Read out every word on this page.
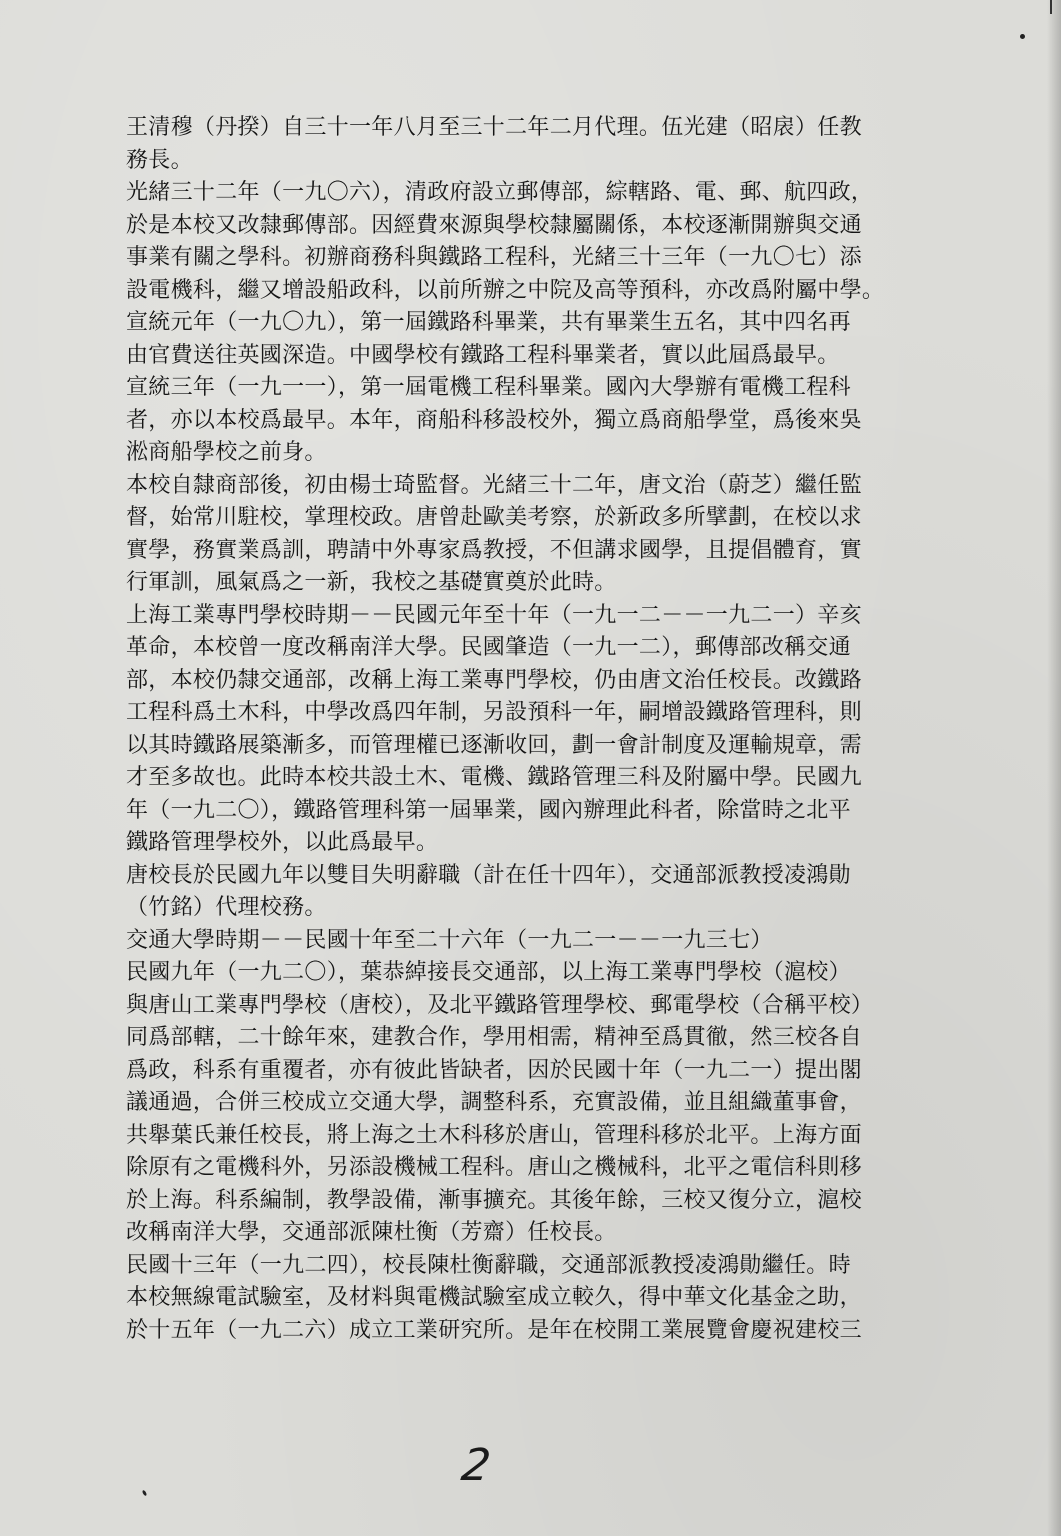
王清穆（丹揆）自三十一年八月至三十二年二月代理。伍光建（昭扆）任教
務長。
光緒三十二年（一九〇六），清政府設立郵傳部，綜轄路、電、郵、航四政，
於是本校又改隸郵傳部。因經費來源與學校隸屬關係，本校逐漸開辦與交通
事業有關之學科。初辦商務科與鐵路工程科，光緒三十三年（一九〇七）添
設電機科，繼又增設船政科，以前所辦之中院及高等預科，亦改爲附屬中學。
宣統元年（一九〇九），第一屆鐵路科畢業，共有畢業生五名，其中四名再
由官費送往英國深造。中國學校有鐵路工程科畢業者，實以此屆爲最早。
宣統三年（一九一一），第一屆電機工程科畢業。國內大學辦有電機工程科
者，亦以本校爲最早。本年，商船科移設校外，獨立爲商船學堂，爲後來吳
淞商船學校之前身。
本校自隸商部後，初由楊士琦監督。光緒三十二年，唐文治（蔚芝）繼任監
督，始常川駐校，掌理校政。唐曾赴歐美考察，於新政多所擘劃，在校以求
實學，務實業爲訓，聘請中外專家爲教授，不但講求國學，且提倡體育，實
行軍訓，風氣爲之一新，我校之基礎實奠於此時。
上海工業專門學校時期－－民國元年至十年（一九一二－－一九二一）辛亥
革命，本校曾一度改稱南洋大學。民國肇造（一九一二），郵傳部改稱交通
部，本校仍隸交通部，改稱上海工業專門學校，仍由唐文治任校長。改鐵路
工程科爲土木科，中學改爲四年制，另設預科一年，嗣增設鐵路管理科，則
以其時鐵路展築漸多，而管理權已逐漸收回，劃一會計制度及運輸規章，需
才至多故也。此時本校共設土木、電機、鐵路管理三科及附屬中學。民國九
年（一九二〇），鐵路管理科第一屆畢業，國內辦理此科者，除當時之北平
鐵路管理學校外，以此爲最早。
唐校長於民國九年以雙目失明辭職（計在任十四年），交通部派教授凌鴻勛
（竹銘）代理校務。
交通大學時期－－民國十年至二十六年（一九二一－－一九三七）
民國九年（一九二〇），葉恭綽接長交通部，以上海工業專門學校（滬校）
與唐山工業專門學校（唐校），及北平鐵路管理學校、郵電學校（合稱平校）
同爲部轄，二十餘年來，建教合作，學用相需，精神至爲貫徹，然三校各自
爲政，科系有重覆者，亦有彼此皆缺者，因於民國十年（一九二一）提出閣
議通過，合併三校成立交通大學，調整科系，充實設備，並且組織董事會，
共舉葉氏兼任校長，將上海之土木科移於唐山，管理科移於北平。上海方面
除原有之電機科外，另添設機械工程科。唐山之機械科，北平之電信科則移
於上海。科系編制，教學設備，漸事擴充。其後年餘，三校又復分立，滬校
改稱南洋大學，交通部派陳杜衡（芳齋）任校長。
民國十三年（一九二四），校長陳杜衡辭職，交通部派教授凌鴻勛繼任。時
本校無線電試驗室，及材料與電機試驗室成立較久，得中華文化基金之助，
於十五年（一九二六）成立工業研究所。是年在校開工業展覽會慶祝建校三
2
